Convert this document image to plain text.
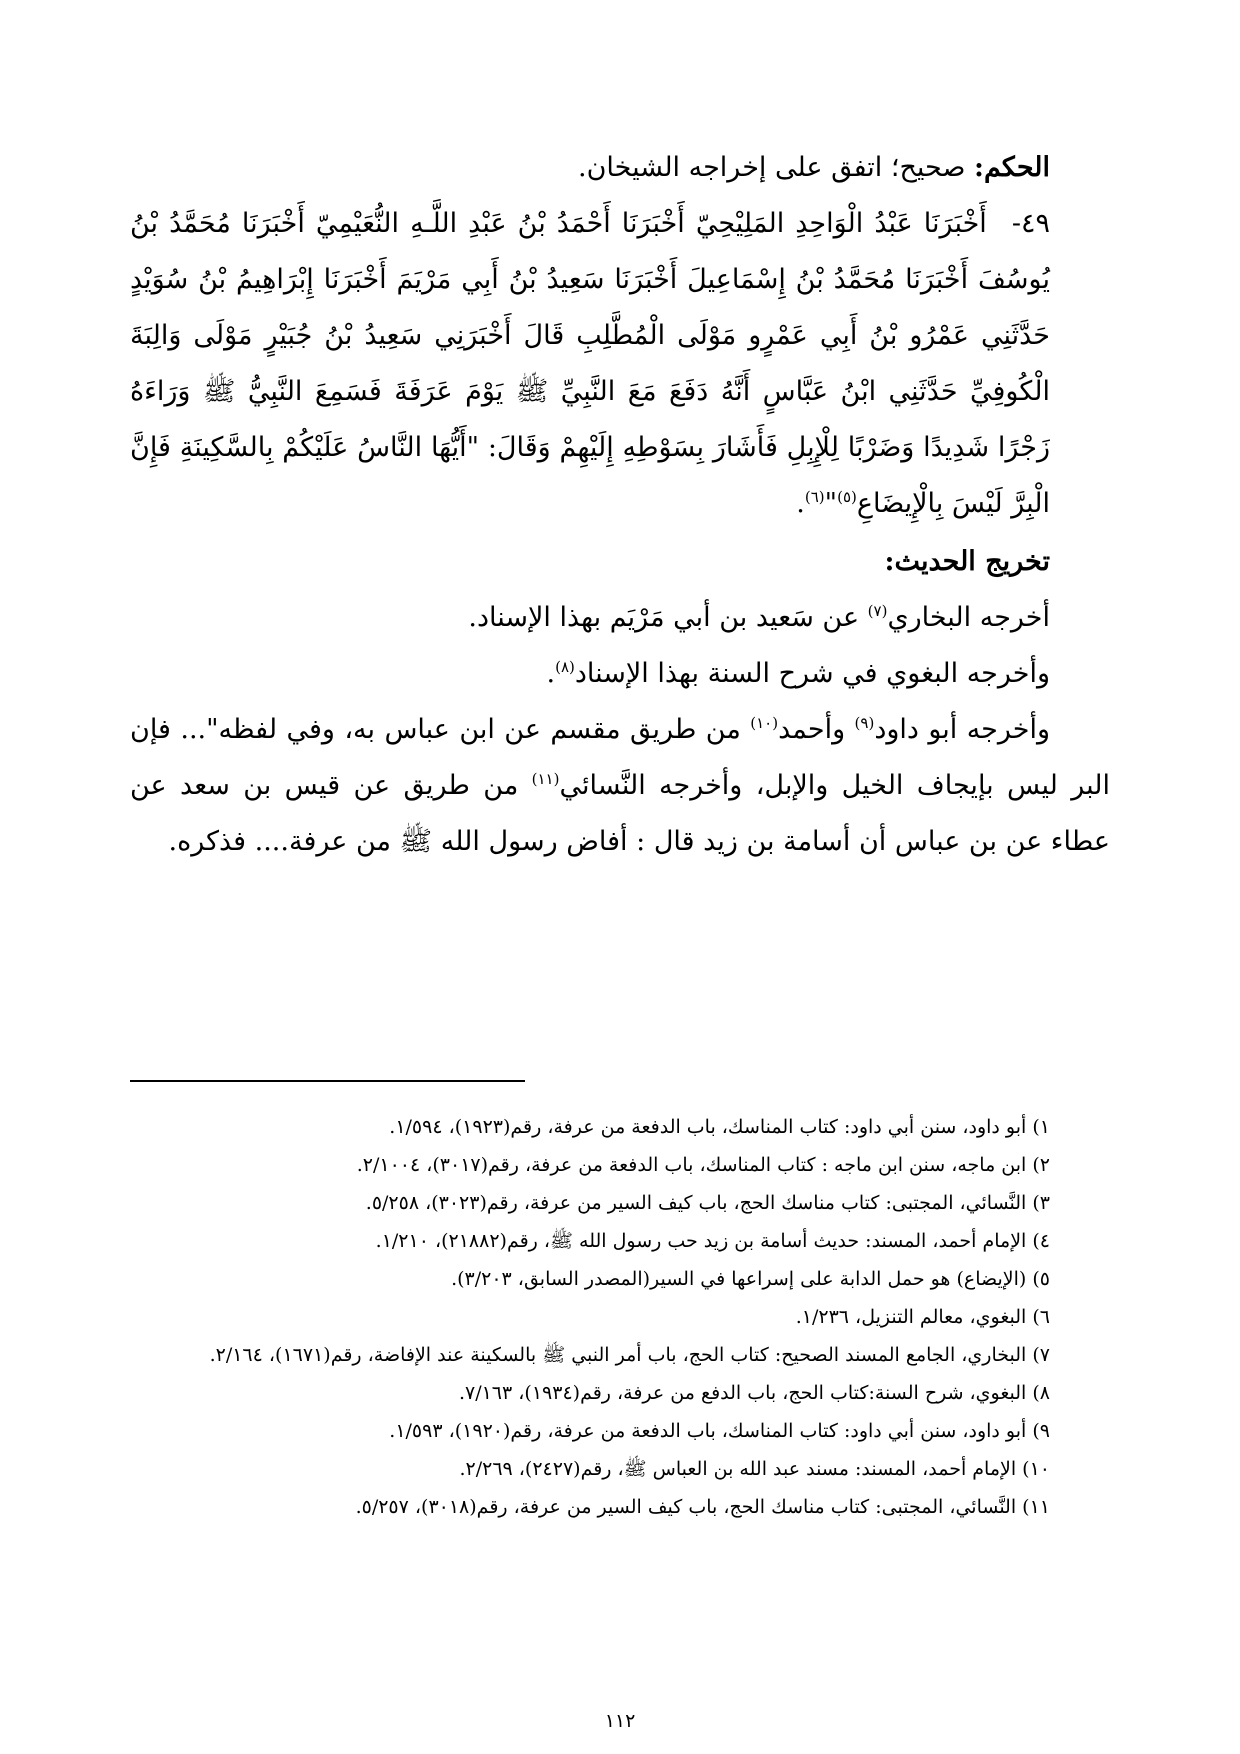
الحكم: صحيح؛ اتفق على إخراجه الشيخان.

٤٩- أَخْبَرَنَا عَبْدُ الْوَاحِدِ المَلِيْحِيّ أَخْبَرَنَا أَحْمَدُ بْنُ عَبْدِ اللَّـهِ النُّعَيْمِيّ أَخْبَرَنَا مُحَمَّدُ بْنُ يُوسُفَ أَخْبَرَنَا مُحَمَّدُ بْنُ إِسْمَاعِيلَ أَخْبَرَنَا سَعِيدُ بْنُ أَبِي مَرْيَمَ أَخْبَرَنَا إِبْرَاهِيمُ بْنُ سُوَيْدٍ حَدَّثَنِي عَمْرُو بْنُ أَبِي عَمْرٍو مَوْلَى الْمُطَّلِبِ قَالَ أَخْبَرَنِي سَعِيدُ بْنُ جُبَيْرٍ مَوْلَى وَالِبَةَ الْكُوفِيِّ حَدَّثَنِي ابْنُ عَبَّاسٍ أَنَّهُ دَفَعَ مَعَ النَّبِيِّ ﷺ يَوْمَ عَرَفَةَ فَسَمِعَ النَّبِيُّ ﷺ وَرَاءَهُ زَجْرًا شَدِيدًا وَضَرْبًا لِلْإِبِلِ فَأَشَارَ بِسَوْطِهِ إِلَيْهِمْ وَقَالَ: "أَيُّهَا النَّاسُ عَلَيْكُمْ بِالسَّكِينَةِ فَإِنَّ الْبِرَّ لَيْسَ بِالْإِيضَاعِ$^{(٥)}$"$^{(٦)}$.

تخريج الحديث:

أخرجه البخاري$^{(٧)}$ عن سَعيد بن أبي مَرْيَم بهذا الإسناد.

وأخرجه البغوي في شرح السنة بهذا الإسناد$^{(٨)}$.

وأخرجه أبو داود$^{(٩)}$ وأحمد$^{(١٠)}$ من طريق مقسم عن ابن عباس به، وفي لفظه"... فإن البر ليس بإيجاف الخيل والإبل، وأخرجه النَّسائي$^{(١١)}$ من طريق عن قيس بن سعد عن عطاء عن بن عباس أن أسامة بن زيد قال : أفاض رسول الله ﷺ من عرفة.... فذكره.

١) أبو داود، سنن أبي داود: كتاب المناسك، باب الدفعة من عرفة، رقم(١٩٢٣)، ١/٥٩٤.

٢) ابن ماجه، سنن ابن ماجه : كتاب المناسك، باب الدفعة من عرفة، رقم(٣٠١٧)، ٢/١٠٠٤.

٣) النَّسائي، المجتبى: كتاب مناسك الحج، باب كيف السير من عرفة، رقم(٣٠٢٣)، ٥/٢٥٨.

٤) الإمام أحمد، المسند: حديث أسامة بن زيد حب رسول الله ﷺ، رقم(٢١٨٨٢)، ١/٢١٠.

٥) (الإيضاع) هو حمل الدابة على إسراعها في السير(المصدر السابق، ٣/٢٠٣).

٦) البغوي، معالم التنزيل، ١/٢٣٦.

٧) البخاري، الجامع المسند الصحيح: كتاب الحج، باب أمر النبي ﷺ بالسكينة عند الإفاضة، رقم(١٦٧١)، ٢/١٦٤.

٨) البغوي، شرح السنة:كتاب الحج، باب الدفع من عرفة، رقم(١٩٣٤)، ٧/١٦٣.

٩) أبو داود، سنن أبي داود: كتاب المناسك، باب الدفعة من عرفة، رقم(١٩٢٠)، ١/٥٩٣.

١٠) الإمام أحمد، المسند: مسند عبد الله بن العباس ﷺ، رقم(٢٤٢٧)، ٢/٢٦٩.

١١) النَّسائي، المجتبى: كتاب مناسك الحج، باب كيف السير من عرفة، رقم(٣٠١٨)، ٥/٢٥٧.

١١٢
